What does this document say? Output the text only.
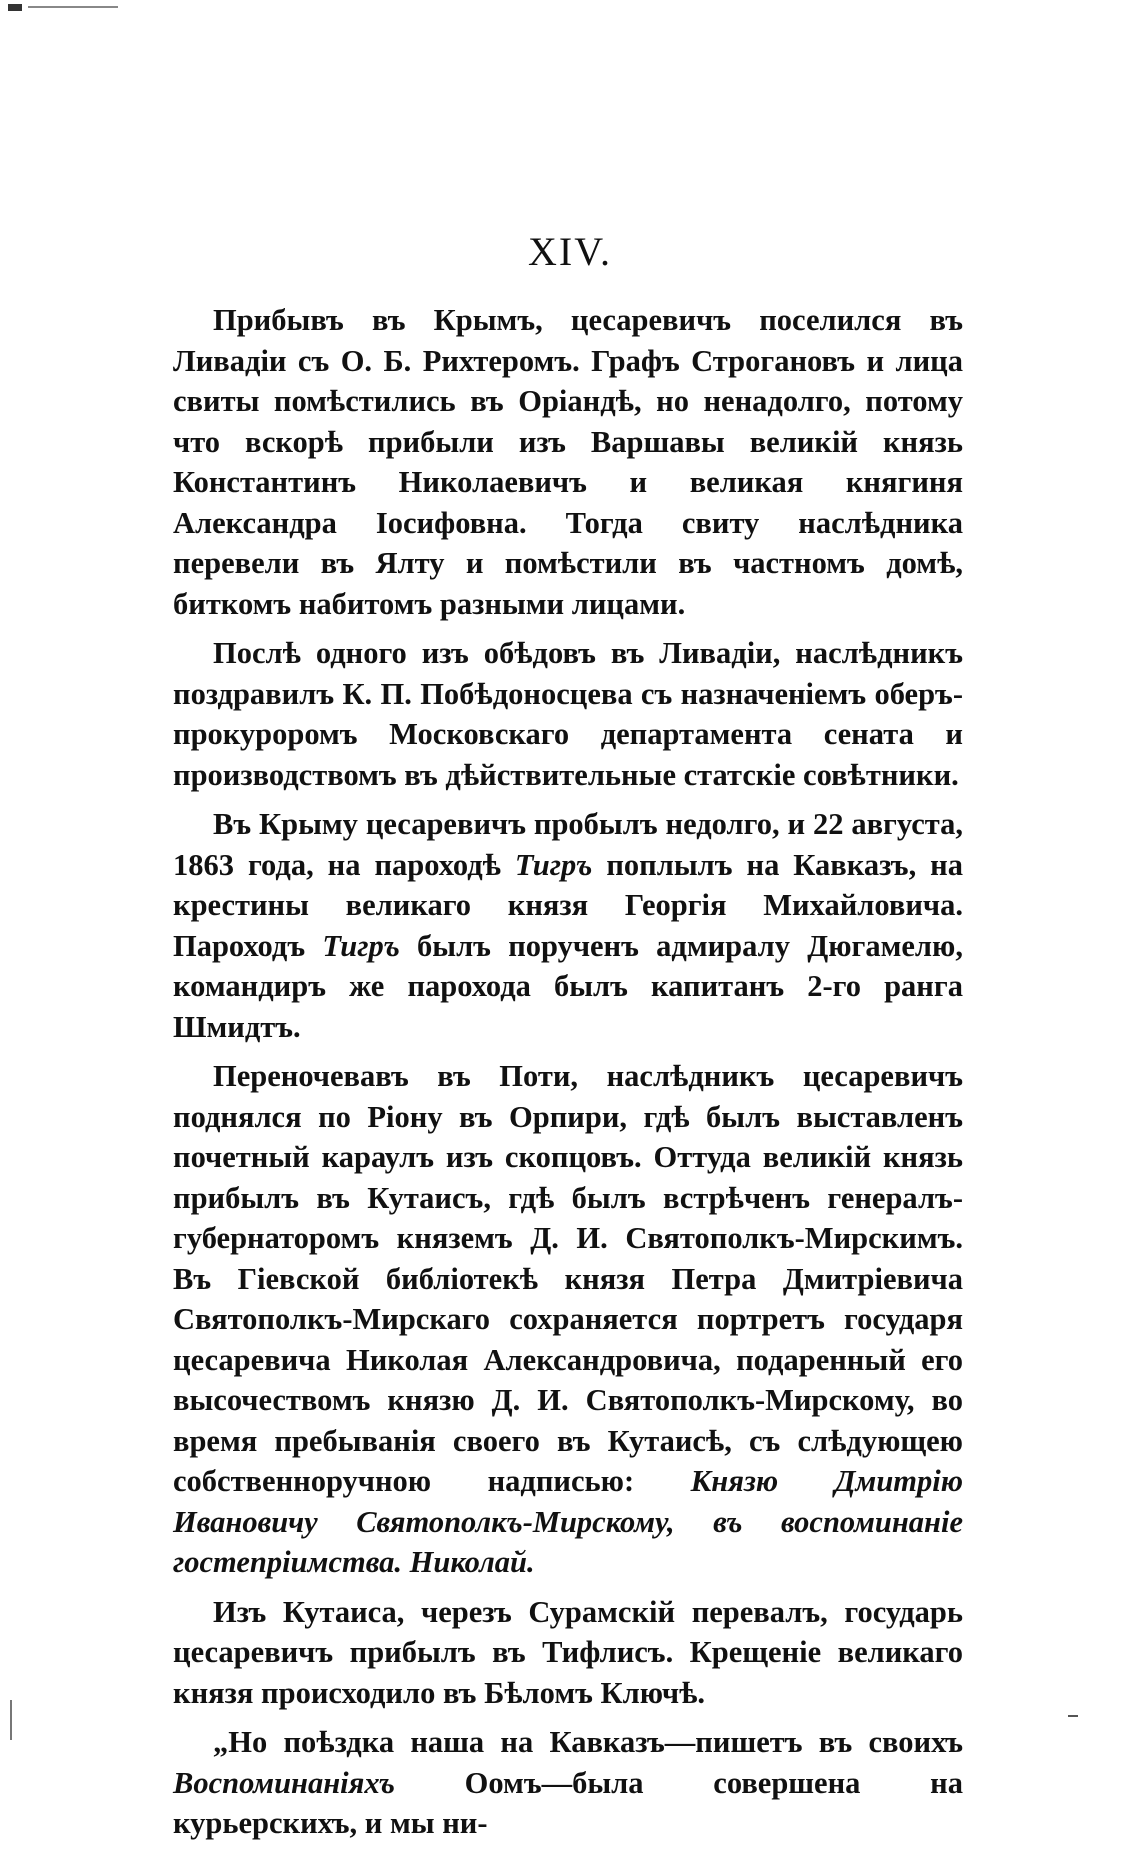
XIV.

Прибывъ въ Крымъ, цесаревичъ поселился въ Ливадіи съ О. Б. Рихтеромъ. Графъ Строгановъ и лица свиты помѣстились въ Оріандѣ, но ненадолго, потому что вскорѣ прибыли изъ Варшавы великій князь Константинъ Николаевичъ и великая княгиня Александра Іосифовна. Тогда свиту наслѣдника перевели въ Ялту и помѣстили въ частномъ домѣ, биткомъ набитомъ разными лицами.

Послѣ одного изъ обѣдовъ въ Ливадіи, наслѣдникъ поздравилъ К. П. Побѣдоносцева съ назначеніемъ оберъ-прокуроромъ Московскаго департамента сената и производствомъ въ дѣйствительные статскіе совѣтники.

Въ Крыму цесаревичъ пробылъ недолго, и 22 августа, 1863 года, на пароходѣ Тигръ поплылъ на Кавказъ, на крестины великаго князя Георгія Михайловича. Пароходъ Тигръ былъ порученъ адмиралу Дюгамелю, командиръ же парохода былъ капитанъ 2-го ранга Шмидтъ.

Переночевавъ въ Поти, наслѣдникъ цесаревичъ поднялся по Ріону въ Орпири, гдѣ былъ выставленъ почетный караулъ изъ скопцовъ. Оттуда великій князь прибылъ въ Кутаисъ, гдѣ былъ встрѣченъ генералъ-губернаторомъ княземъ Д. И. Святополкъ-Мирскимъ. Въ Гіевской библіотекѣ князя Петра Дмитріевича Святополкъ-Мирскаго сохраняется портретъ государя цесаревича Николая Александровича, подаренный его высочествомъ князю Д. И. Святополкъ-Мирскому, во время пребыванія своего въ Кутаисѣ, съ слѣдующею собственноручною надписью: Князю Дмитрію Ивановичу Святополкъ-Мирскому, въ воспоминаніе гостепріимства. Николай.

Изъ Кутаиса, черезъ Сурамскій перевалъ, государь цесаревичъ прибылъ въ Тифлисъ. Крещеніе великаго князя происходило въ Бѣломъ Ключѣ.

„Но поѣздка наша на Кавказъ—пишетъ въ своихъ Воспоминаніяхъ Оомъ—была совершена на курьерскихъ, и мы ни-
